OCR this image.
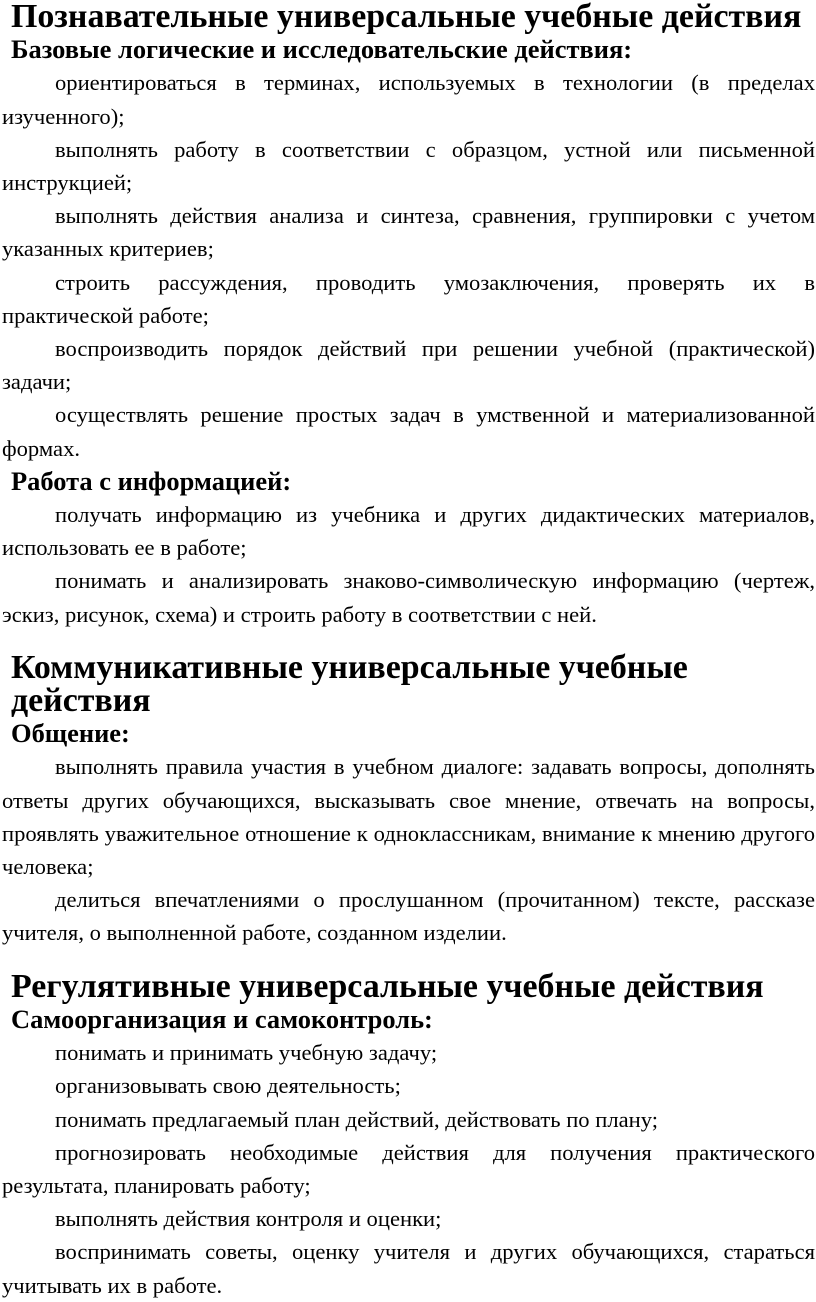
Познавательные универсальные учебные действия
Базовые логические и исследовательские действия:

ориентироваться в терминах, используемых в технологии (в пределах изученного);

выполнять работу в соответствии с образцом, устной или письменной инструкцией;

выполнять действия анализа и синтеза, сравнения, группировки с учетом указанных критериев;

строить рассуждения, проводить умозаключения, проверять их в практической работе;

воспроизводить порядок действий при решении учебной (практической) задачи;

осуществлять решение простых задач в умственной и материализованной формах.

Работа с информацией:

получать информацию из учебника и других дидактических материалов, использовать ее в работе;

понимать и анализировать знаково-символическую информацию (чертеж, эскиз, рисунок, схема) и строить работу в соответствии с ней.

Коммуникативные универсальные учебные действия
Общение:

выполнять правила участия в учебном диалоге: задавать вопросы, дополнять ответы других обучающихся, высказывать свое мнение, отвечать на вопросы, проявлять уважительное отношение к одноклассникам, внимание к мнению другого человека;

делиться впечатлениями о прослушанном (прочитанном) тексте, рассказе учителя, о выполненной работе, созданном изделии.

Регулятивные универсальные учебные действия
Самоорганизация и самоконтроль:

понимать и принимать учебную задачу;

организовывать свою деятельность;

понимать предлагаемый план действий, действовать по плану;

прогнозировать необходимые действия для получения практического результата, планировать работу;

выполнять действия контроля и оценки;

воспринимать советы, оценку учителя и других обучающихся, стараться учитывать их в работе.
